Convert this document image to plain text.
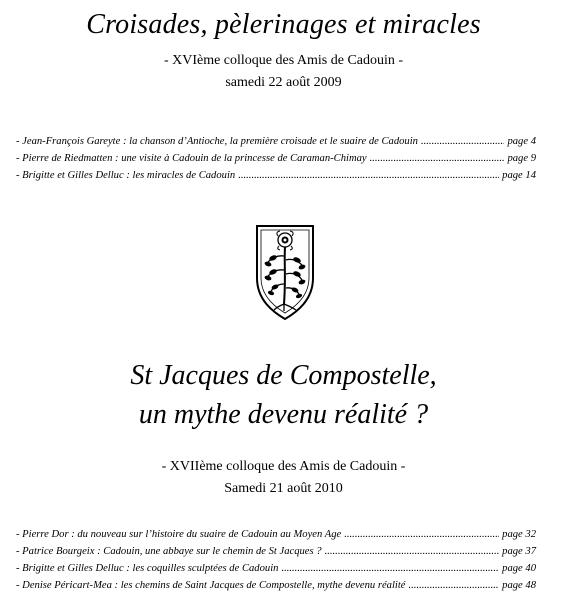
Croisades, pèlerinages et miracles
- XVIème colloque des Amis de Cadouin -
samedi 22 août 2009
- Jean-François Gareyte : la chanson d’Antioche, la première croisade et le suaire de Cadouin .....	page 4
- Pierre de Riedmatten : une visite à Cadouin de la princesse de Caraman-Chimay .....	page 9
- Brigitte et Gilles Delluc : les miracles de Cadouin .....	page 14
St Jacques de Compostelle,
un mythe devenu réalité ?
- XVIIème colloque des Amis de Cadouin -
Samedi 21 août 2010
- Pierre Dor : du nouveau sur l’histoire du suaire de Cadouin au Moyen Age .....	page 32
- Patrice Bourgeix : Cadouin, une abbaye sur le chemin de St Jacques ? .....	page 37
- Brigitte et Gilles Delluc : les coquilles sculptées de Cadouin .....	page 40
- Denise Péricart-Mea : les chemins de Saint Jacques de Compostelle, mythe devenu réalité .....	page 48
